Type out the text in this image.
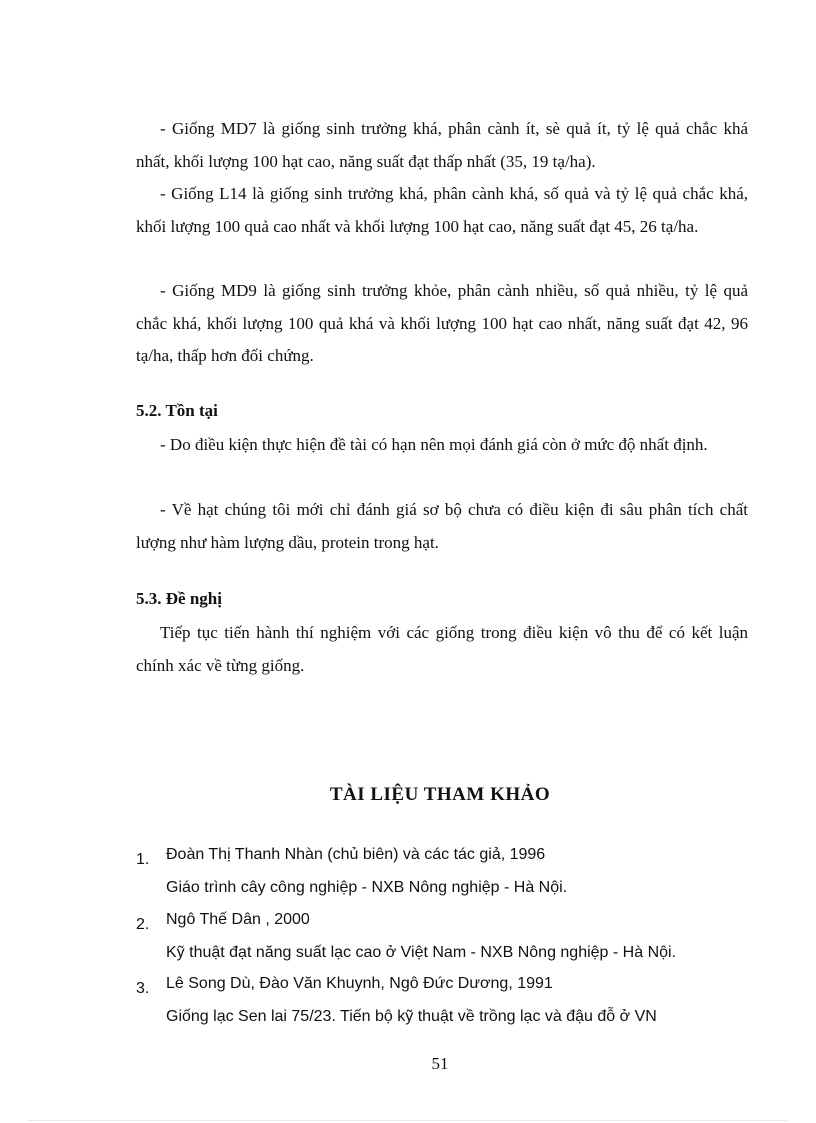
- Giống MD7 là giống sinh trưởng khá, phân cành ít, sè quả ít, tỷ lệ quả chắc khá nhất, khối lượng 100 hạt cao, năng suất đạt thấp nhất (35, 19 tạ/ha).

- Giống L14 là giống sinh trưởng khá, phân cành khá, số quả và tỷ lệ quả chắc khá, khối lượng 100 quả cao nhất và khối lượng 100 hạt cao, năng suất đạt 45, 26 tạ/ha.

- Giống MD9 là giống sinh trưởng khỏe, phân cành nhiều, số quả nhiều, tỷ lệ quả chắc khá, khối lượng 100 quả khá và khối lượng 100 hạt cao nhất, năng suất đạt 42, 96 tạ/ha, thấp hơn đối chứng.

5.2. Tồn tại

- Do điều kiện thực hiện đề tài có hạn nên mọi đánh giá còn ở mức độ nhất định.

- Về hạt chúng tôi mới chỉ đánh giá sơ bộ chưa có điều kiện đi sâu phân tích chất lượng như hàm lượng dầu, protein trong hạt.

5.3. Đề nghị

Tiếp tục tiến hành thí nghiệm với các giống trong điều kiện vô thu để có kết luận chính xác về từng giống.

TÀI LIỆU THAM KHẢO
1. Đoàn Thị Thanh Nhàn (chủ biên) và các tác giả, 1996
Giáo trình cây công nghiệp - NXB Nông nghiệp - Hà Nội.
2. Ngô Thế Dân , 2000
Kỹ thuật đạt năng suất lạc cao ở Việt Nam - NXB Nông nghiệp - Hà Nội.
3. Lê Song Dù, Đào Văn Khuynh, Ngô Đức Dương, 1991
Giống lạc Sen lai 75/23. Tiến bộ kỹ thuật về trồng lạc và đậu đỗ ở VN

51
